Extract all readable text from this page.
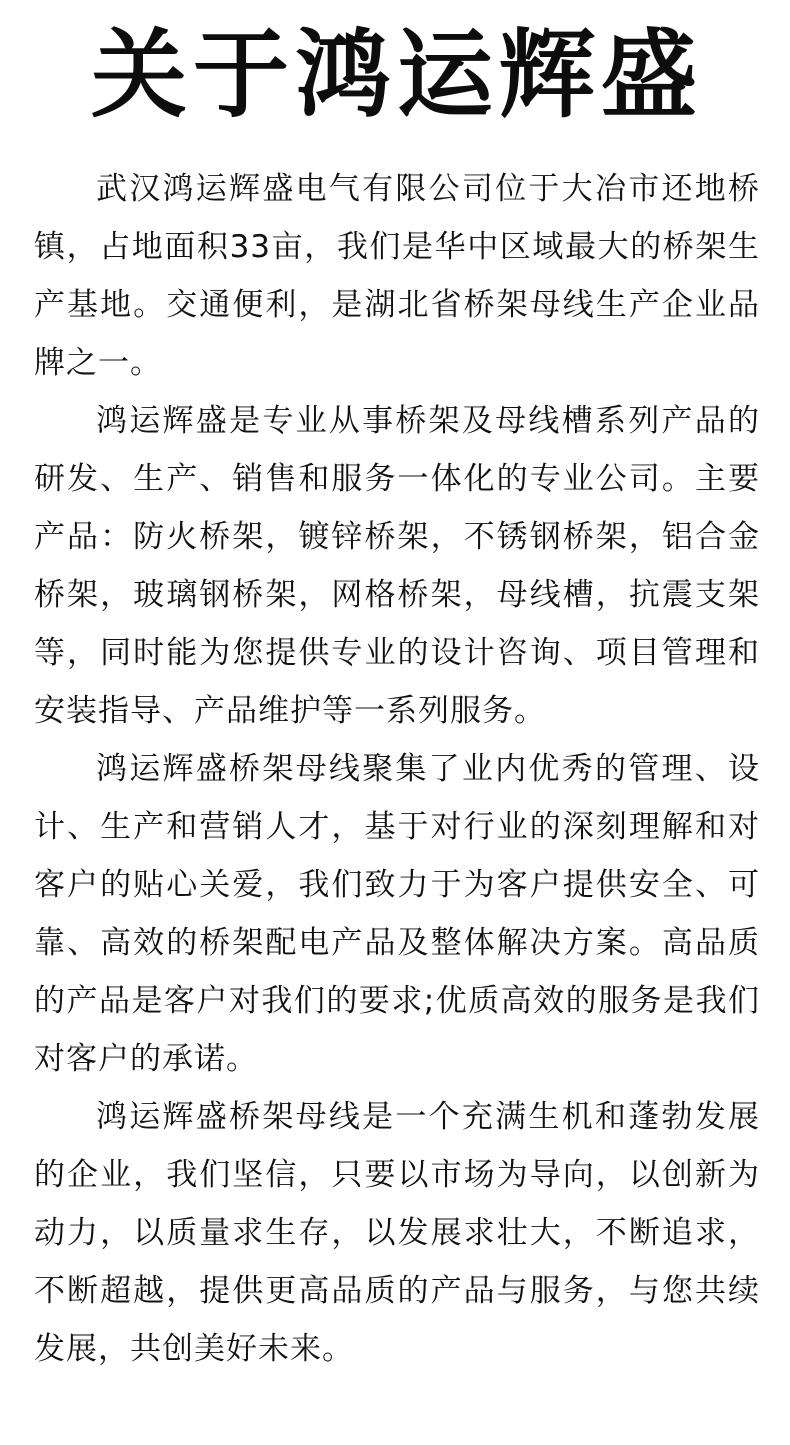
关于鸿运辉盛

武汉鸿运辉盛电气有限公司位于大冶市还地桥镇，占地面积33亩，我们是华中区域最大的桥架生产基地。交通便利，是湖北省桥架母线生产企业品牌之一。

鸿运辉盛是专业从事桥架及母线槽系列产品的研发、生产、销售和服务一体化的专业公司。主要产品：防火桥架，镀锌桥架，不锈钢桥架，铝合金桥架，玻璃钢桥架，网格桥架，母线槽，抗震支架等，同时能为您提供专业的设计咨询、项目管理和安装指导、产品维护等一系列服务。

鸿运辉盛桥架母线聚集了业内优秀的管理、设计、生产和营销人才，基于对行业的深刻理解和对客户的贴心关爱，我们致力于为客户提供安全、可靠、高效的桥架配电产品及整体解决方案。高品质的产品是客户对我们的要求;优质高效的服务是我们对客户的承诺。

鸿运辉盛桥架母线是一个充满生机和蓬勃发展的企业，我们坚信，只要以市场为导向，以创新为动力，以质量求生存，以发展求壮大，不断追求，不断超越，提供更高品质的产品与服务，与您共续发展，共创美好未来。
